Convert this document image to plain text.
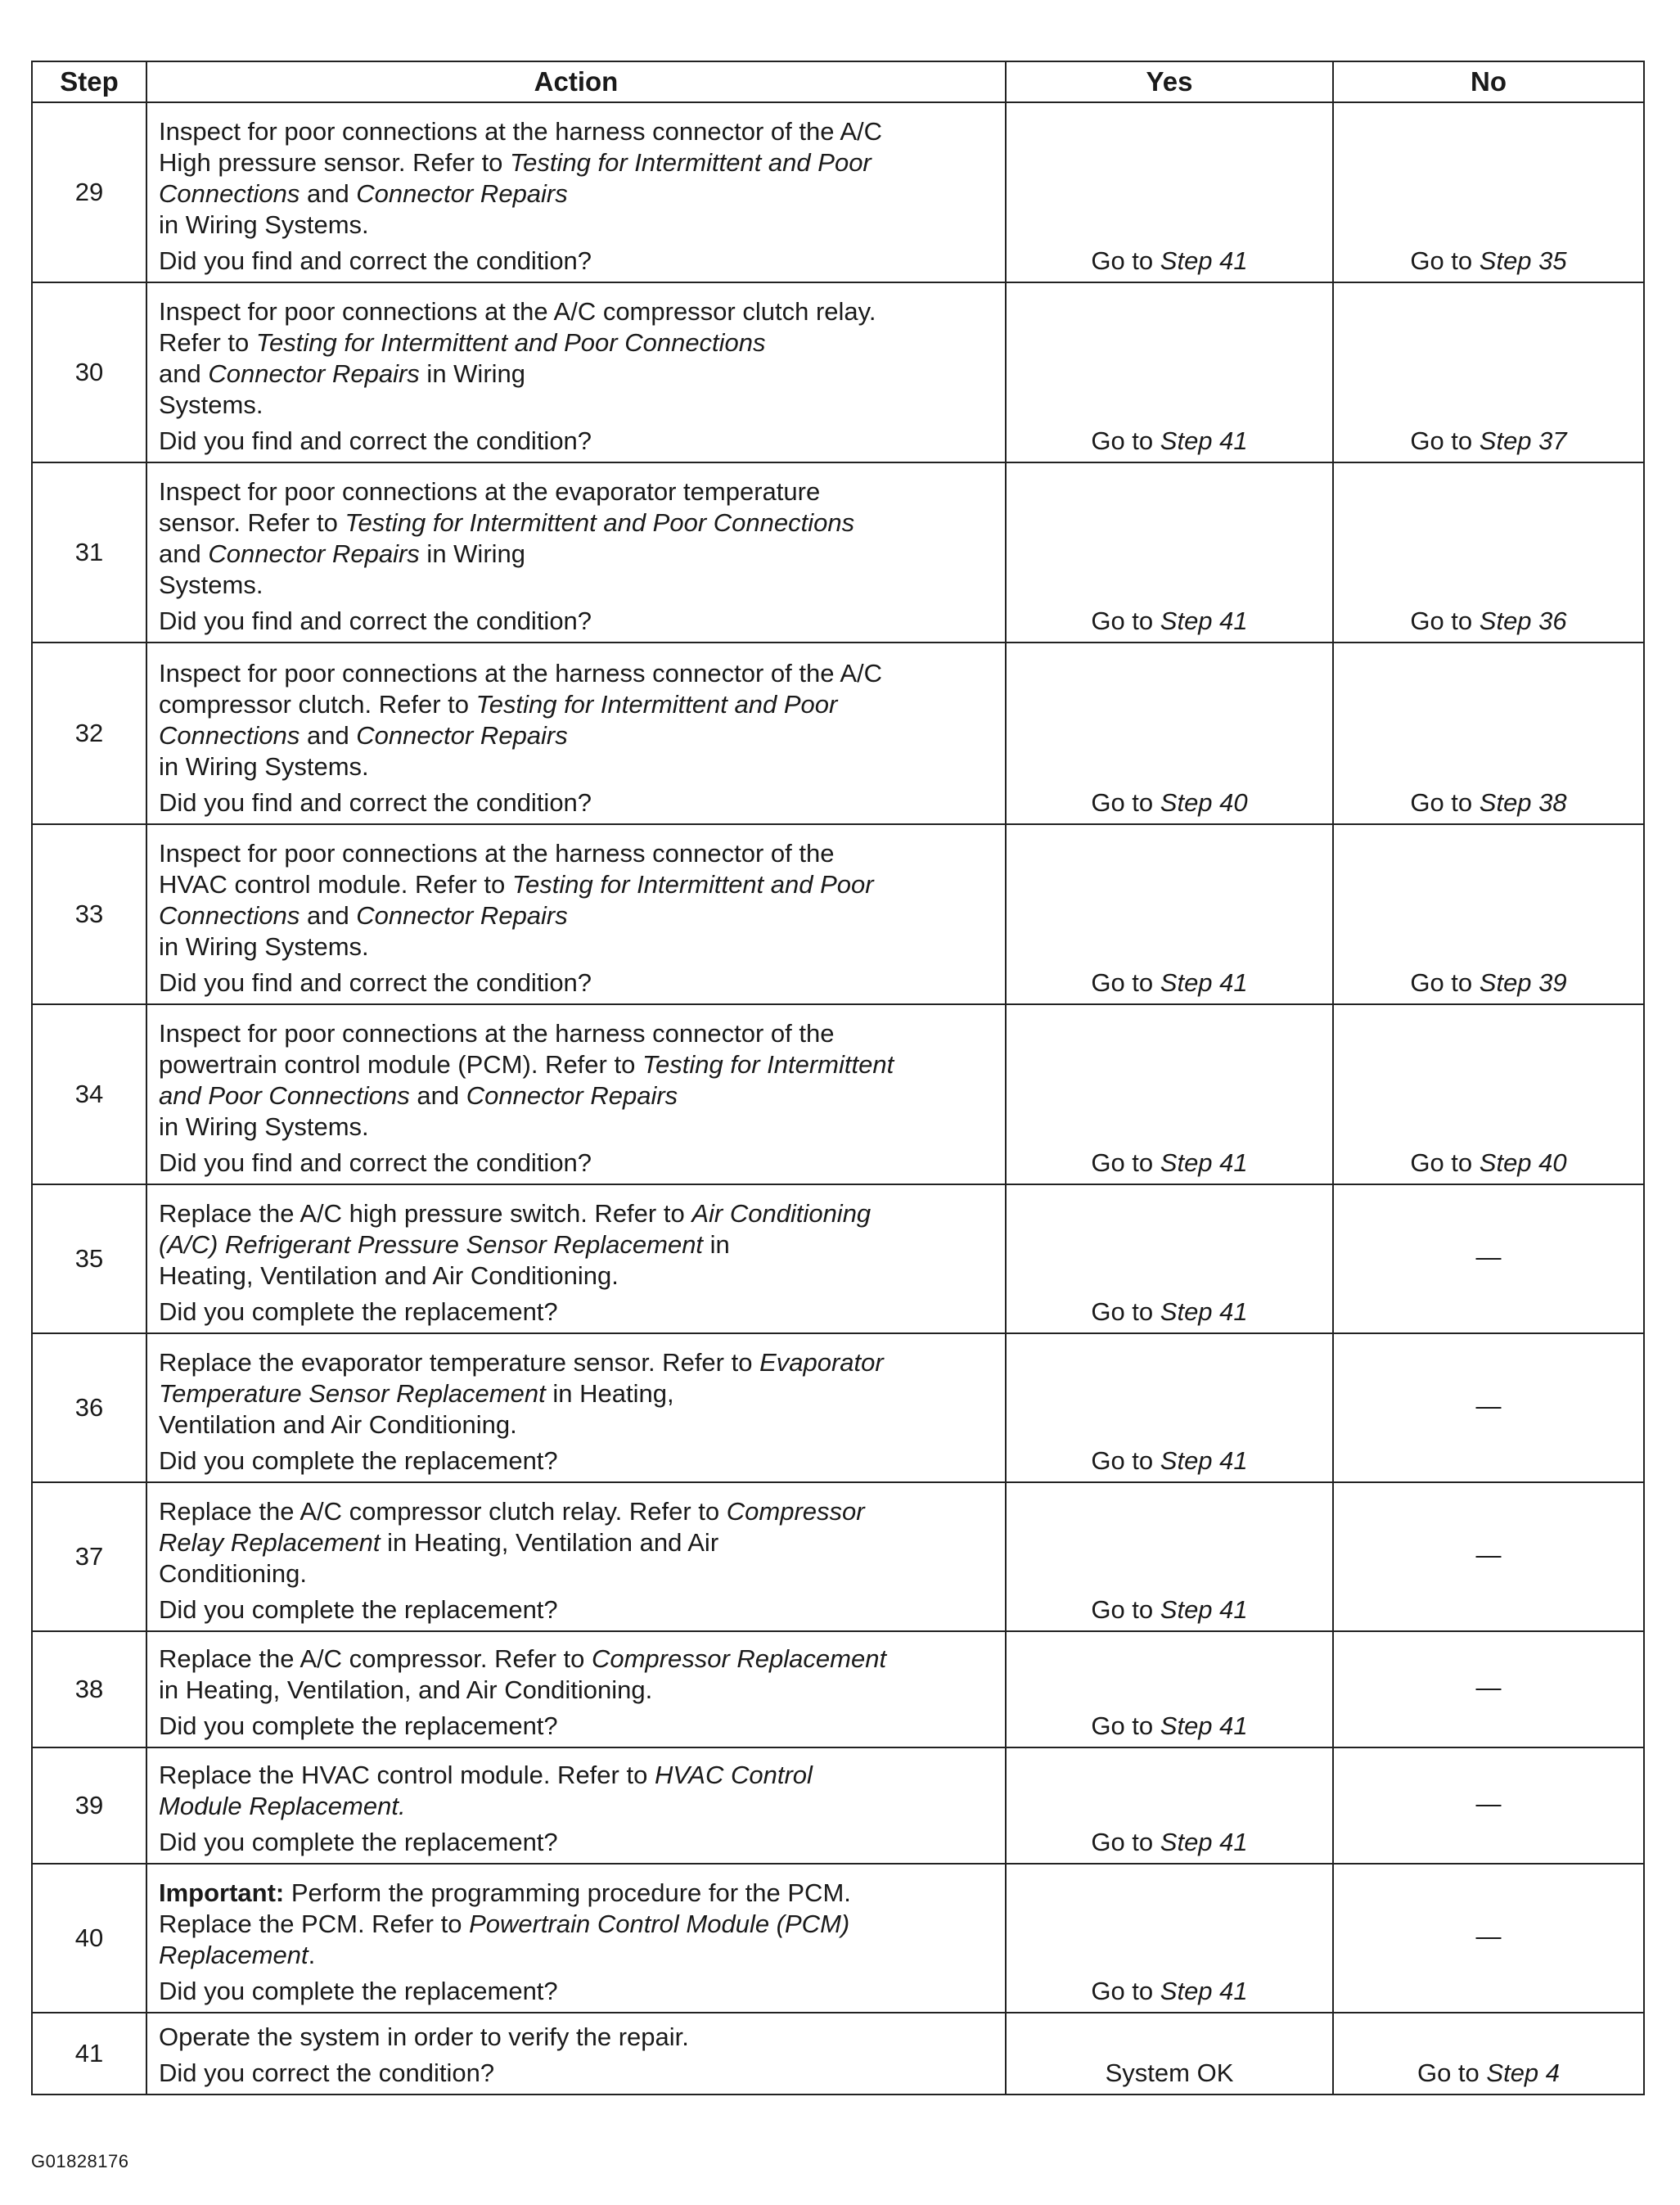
Step	Action	Yes	No
29	Inspect for poor connections at the harness connector of the A/C

High pressure sensor. Refer to Testing for Intermittent and Poor

Connections and Connector Repairs

in Wiring Systems.

Did you find and correct the condition?	Go to Step 41	Go to Step 35
30	Inspect for poor connections at the A/C compressor clutch relay.

Refer to Testing for Intermittent and Poor Connections

and Connector Repairs in Wiring

Systems.

Did you find and correct the condition?	Go to Step 41	Go to Step 37
31	Inspect for poor connections at the evaporator temperature

sensor. Refer to Testing for Intermittent and Poor Connections

and Connector Repairs in Wiring

Systems.

Did you find and correct the condition?	Go to Step 41	Go to Step 36
32	Inspect for poor connections at the harness connector of the A/C

compressor clutch. Refer to Testing for Intermittent and Poor

Connections and Connector Repairs

in Wiring Systems.

Did you find and correct the condition?	Go to Step 40	Go to Step 38
33	Inspect for poor connections at the harness connector of the

HVAC control module. Refer to Testing for Intermittent and Poor

Connections and Connector Repairs

in Wiring Systems.

Did you find and correct the condition?	Go to Step 41	Go to Step 39
34	Inspect for poor connections at the harness connector of the

powertrain control module (PCM). Refer to Testing for Intermittent

and Poor Connections and Connector Repairs

in Wiring Systems.

Did you find and correct the condition?	Go to Step 41	Go to Step 40
35	Replace the A/C high pressure switch. Refer to Air Conditioning

(A/C) Refrigerant Pressure Sensor Replacement in

Heating, Ventilation and Air Conditioning.

Did you complete the replacement?	Go to Step 41	—
36	Replace the evaporator temperature sensor. Refer to Evaporator

Temperature Sensor Replacement in Heating,

Ventilation and Air Conditioning.

Did you complete the replacement?	Go to Step 41	—
37	Replace the A/C compressor clutch relay. Refer to Compressor

Relay Replacement in Heating, Ventilation and Air

Conditioning.

Did you complete the replacement?	Go to Step 41	—
38	Replace the A/C compressor. Refer to Compressor Replacement

in Heating, Ventilation, and Air Conditioning.

Did you complete the replacement?	Go to Step 41	—
39	Replace the HVAC control module. Refer to HVAC Control

Module Replacement.

Did you complete the replacement?	Go to Step 41	—
40	Important: Perform the programming procedure for the PCM.

Replace the PCM. Refer to Powertrain Control Module (PCM)

Replacement.

Did you complete the replacement?	Go to Step 41	—
41	Operate the system in order to verify the repair.

Did you correct the condition?	System OK	Go to Step 4
G01828176
